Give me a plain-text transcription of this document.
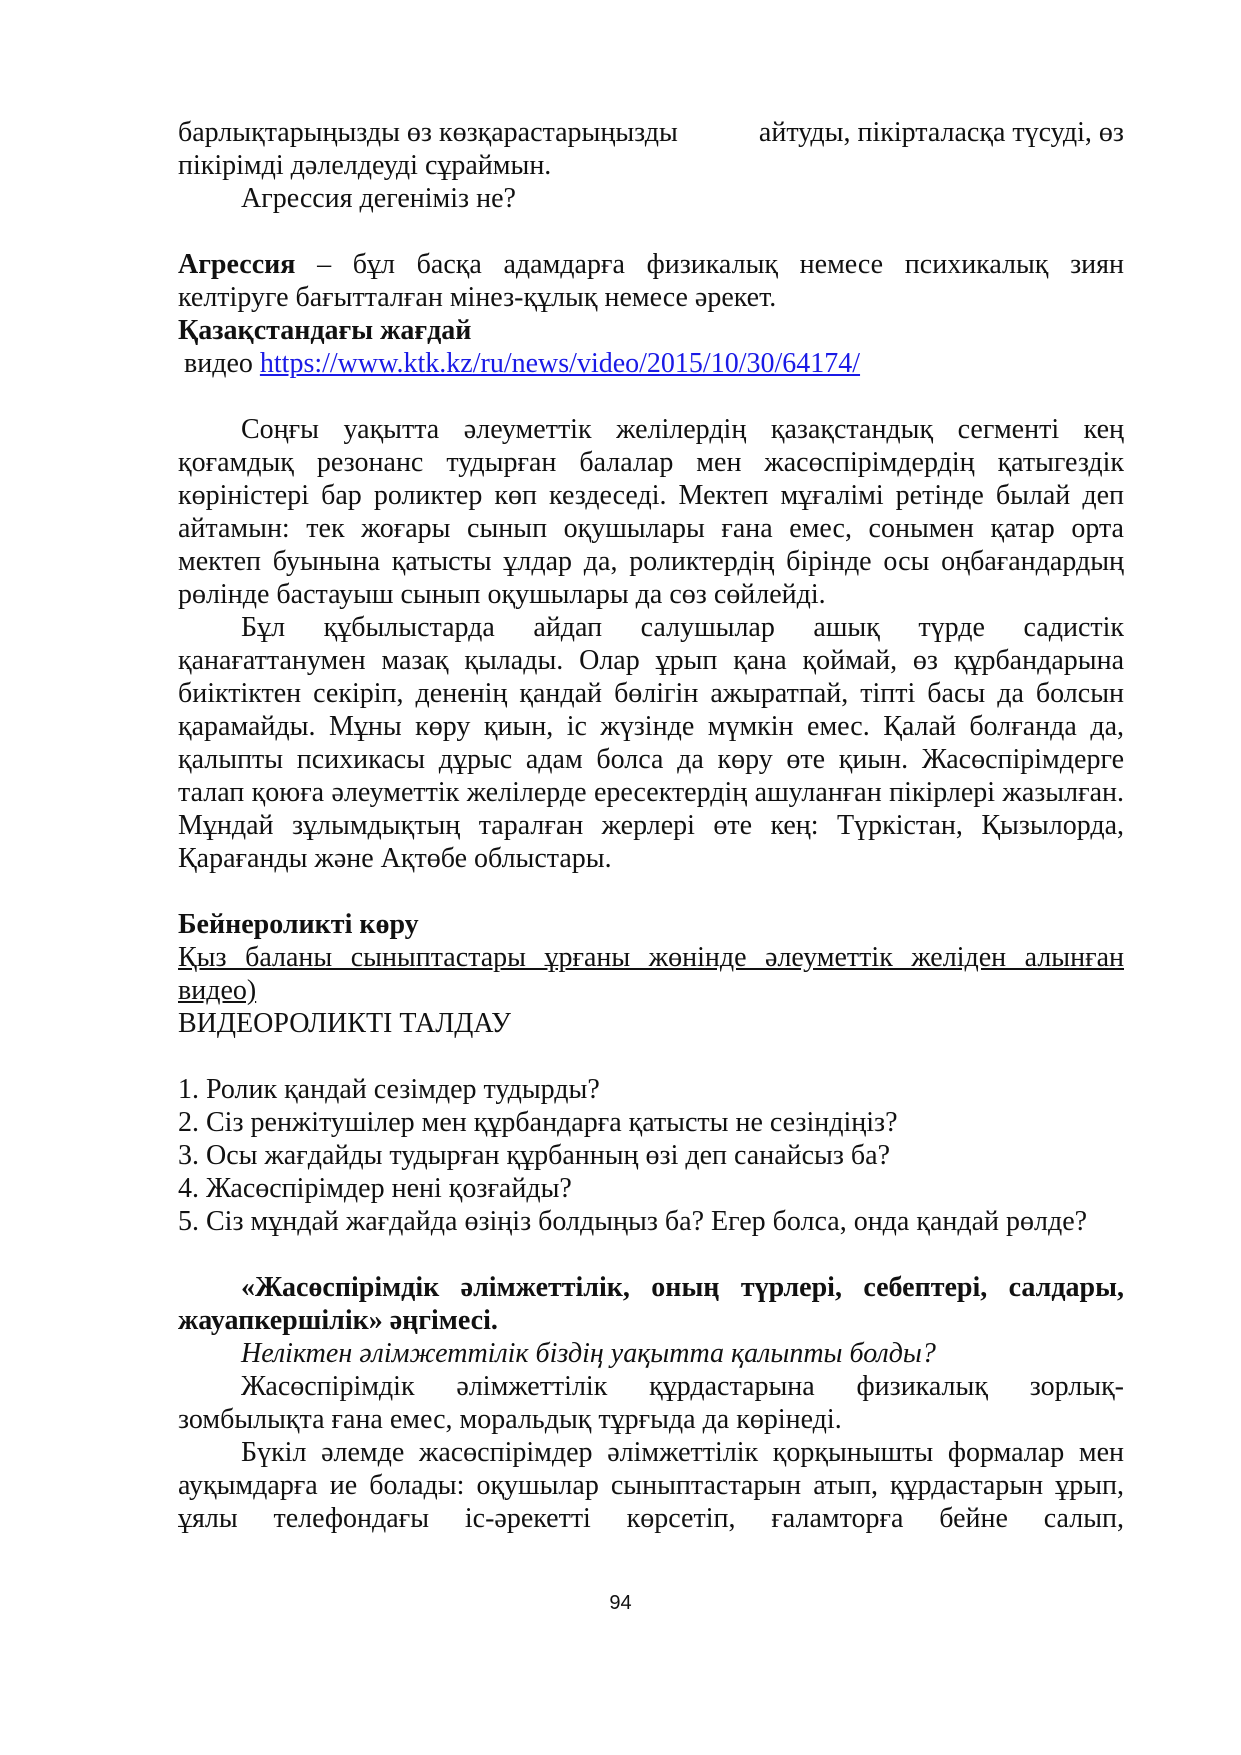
барлықтарыңызды өз көзқарастарыңызды	айтуды, пікірталасқа түсуді, өз

пікірімді дәлелдеуді сұраймын.

Агрессия дегеніміз не?

Агрессия – бұл басқа адамдарға физикалық немесе психикалық зиян

келтіруге бағытталған мінез-құлық немесе әрекет.

Қазақстандағы жағдай

видео https://www.ktk.kz/ru/news/video/2015/10/30/64174/

Соңғы уақытта әлеуметтік желілердің қазақстандық сегменті кең қоғамдық резонанс тудырған балалар мен жасөспірімдердің қатыгездік көріністері бар роликтер көп кездеседі. Мектеп мұғалімі ретінде былай деп айтамын: тек жоғары сынып оқушылары ғана емес, сонымен қатар орта мектеп буынына қатысты ұлдар да, роликтердің бірінде осы оңбағандардың рөлінде бастауыш сынып оқушылары да сөз сөйлейді.

Бұл құбылыстарда айдап салушылар ашық түрде садистік қанағаттанумен мазақ қылады. Олар ұрып қана қоймай, өз құрбандарына биіктіктен секіріп, дененің қандай бөлігін ажыратпай, тіпті басы да болсын қарамайды. Мұны көру қиын, іс жүзінде мүмкін емес. Қалай болғанда да, қалыпты психикасы дұрыс адам болса да көру өте қиын. Жасөспірімдерге талап қоюға әлеуметтік желілерде ересектердің ашуланған пікірлері жазылған. Мұндай зұлымдықтың таралған жерлері өте кең: Түркістан, Қызылорда, Қарағанды және Ақтөбе облыстары.

Бейнероликті көру

Қыз баланы сыныптастары ұрғаны жөнінде әлеуметтік желіден алынған видео)

ВИДЕОРОЛИКТІ ТАЛДАУ

1. Ролик қандай сезімдер тудырды?

2. Сіз ренжітушілер мен құрбандарға қатысты не сезіндіңіз?

3. Осы жағдайды тудырған құрбанның өзі деп санайсыз ба?

4. Жасөспірімдер нені қозғайды?

5. Сіз мұндай жағдайда өзіңіз болдыңыз ба? Егер болса, онда қандай рөлде?

«Жасөспірімдік әлімжеттілік, оның түрлері, себептері, салдары, жауапкершілік» әңгімесі.

Неліктен әлімжеттілік біздің уақытта қалыпты болды?

Жасөспірімдік әлімжеттілік құрдастарына физикалық зорлық-зомбылықта ғана емес, моральдық тұрғыда да көрінеді.

Бүкіл әлемде жасөспірімдер әлімжеттілік қорқынышты формалар мен ауқымдарға ие болады: оқушылар сыныптастарын атып, құрдастарын ұрып, ұялы телефондағы іс-әрекетті көрсетіп, ғаламторға бейне салып,

94
